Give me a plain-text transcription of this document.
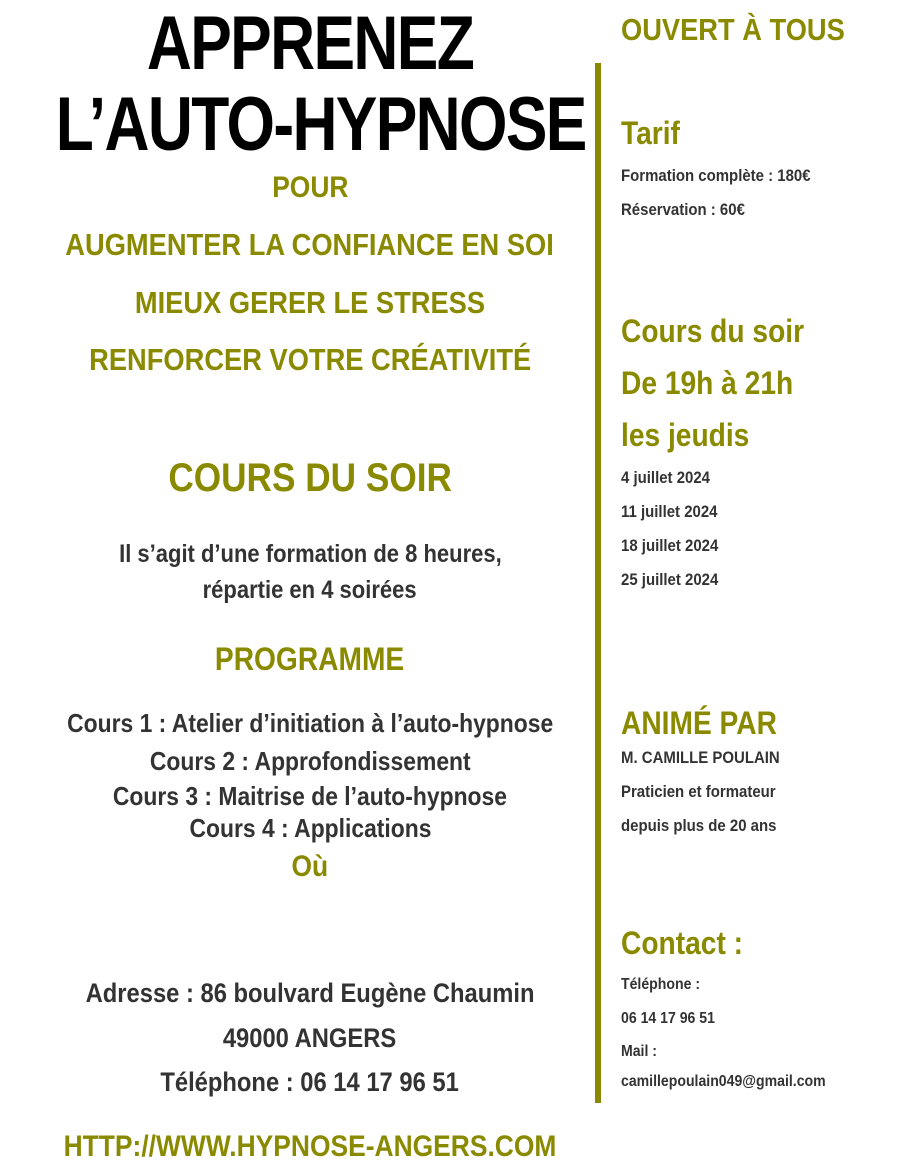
APPRENEZ
L’AUTO-HYPNOSE
POUR
AUGMENTER LA CONFIANCE EN SOI
MIEUX GERER LE STRESS
RENFORCER VOTRE CRÉATIVITÉ
COURS DU SOIR
Il s’agit d’une formation de 8 heures,
répartie en 4 soirées
PROGRAMME
Cours 1 : Atelier d’initiation à l’auto-hypnose
Cours 2 : Approfondissement
Cours 3 : Maitrise de l’auto-hypnose
Cours 4 : Applications
Où
Adresse : 86 boulvard Eugène Chaumin
49000 ANGERS
Téléphone : 06 14 17 96 51
HTTP://WWW.HYPNOSE-ANGERS.COM
OUVERT À TOUS
Tarif
Formation complète : 180€
Réservation : 60€
Cours du soir
De 19h à 21h
les jeudis
4 juillet 2024
11 juillet 2024
18 juillet 2024
25 juillet 2024
ANIMÉ PAR
M. CAMILLE POULAIN
Praticien et formateur
depuis plus de 20 ans
Contact :
Téléphone :
06 14 17 96 51
Mail :
camillepoulain049@gmail.com
